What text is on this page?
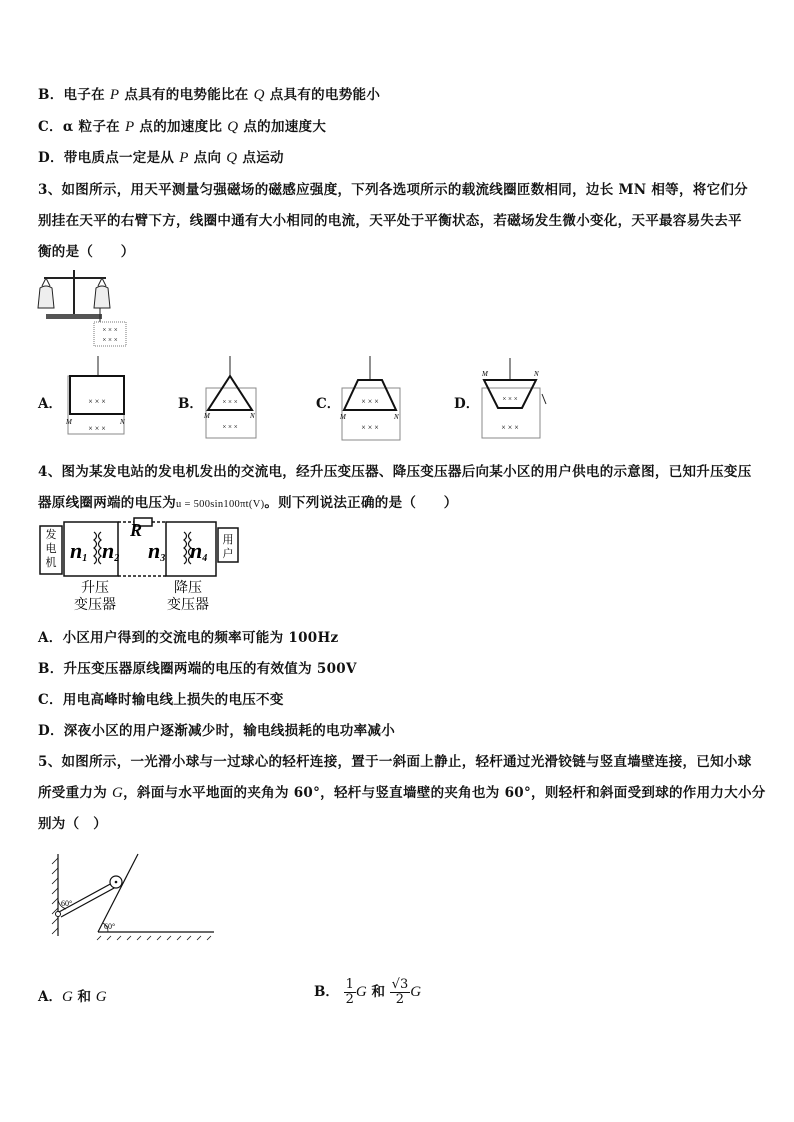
B．电子在 P 点具有的电势能比在 Q 点具有的电势能小
C．α 粒子在 P 点的加速度比 Q 点的加速度大
D．带电质点一定是从 P 点向 Q 点运动
3、如图所示，用天平测量匀强磁场的磁感应强度，下列各选项所示的载流线圈匝数相同，边长 MN 相等，将它们分
别挂在天平的右臂下方，线圈中通有大小相同的电流，天平处于平衡状态，若磁场发生微小变化，天平最容易失去平
衡的是（　　）
× × ×
× × ×
A．	× × ×
× × ×
M	N
B．	× × ×
× × ×
M	N
C．	× × ×
× × ×
M	N
D．	× × ×
× × ×
M	N
4、图为某发电站的发电机发出的交流电，经升压变压器、降压变压器后向某小区的用户供电的示意图，已知升压变压
器原线圈两端的电压为u = 500sin100πt(V)。则下列说法正确的是（　　）
发
电
机 n1 n2
R
n3 n4
用
户
升压
变压器
降压
变压器
A．小区用户得到的交流电的频率可能为 100Hz
B．升压变压器原线圈两端的电压的有效值为 500V
C．用电高峰时输电线上损失的电压不变
D．深夜小区的用户逐渐减少时，输电线损耗的电功率减小
5、如图所示，一光滑小球与一过球心的轻杆连接，置于一斜面上静止，轻杆通过光滑铰链与竖直墙壁连接，已知小球
所受重力为 G，斜面与水平地面的夹角为 60°，轻杆与竖直墙壁的夹角也为 60°，则轻杆和斜面受到球的作用力大小分
别为（　）
60°
60°
A．G 和 G	B． $\frac{1}{2}$ G 和 $\frac{√3}{2}$ G
